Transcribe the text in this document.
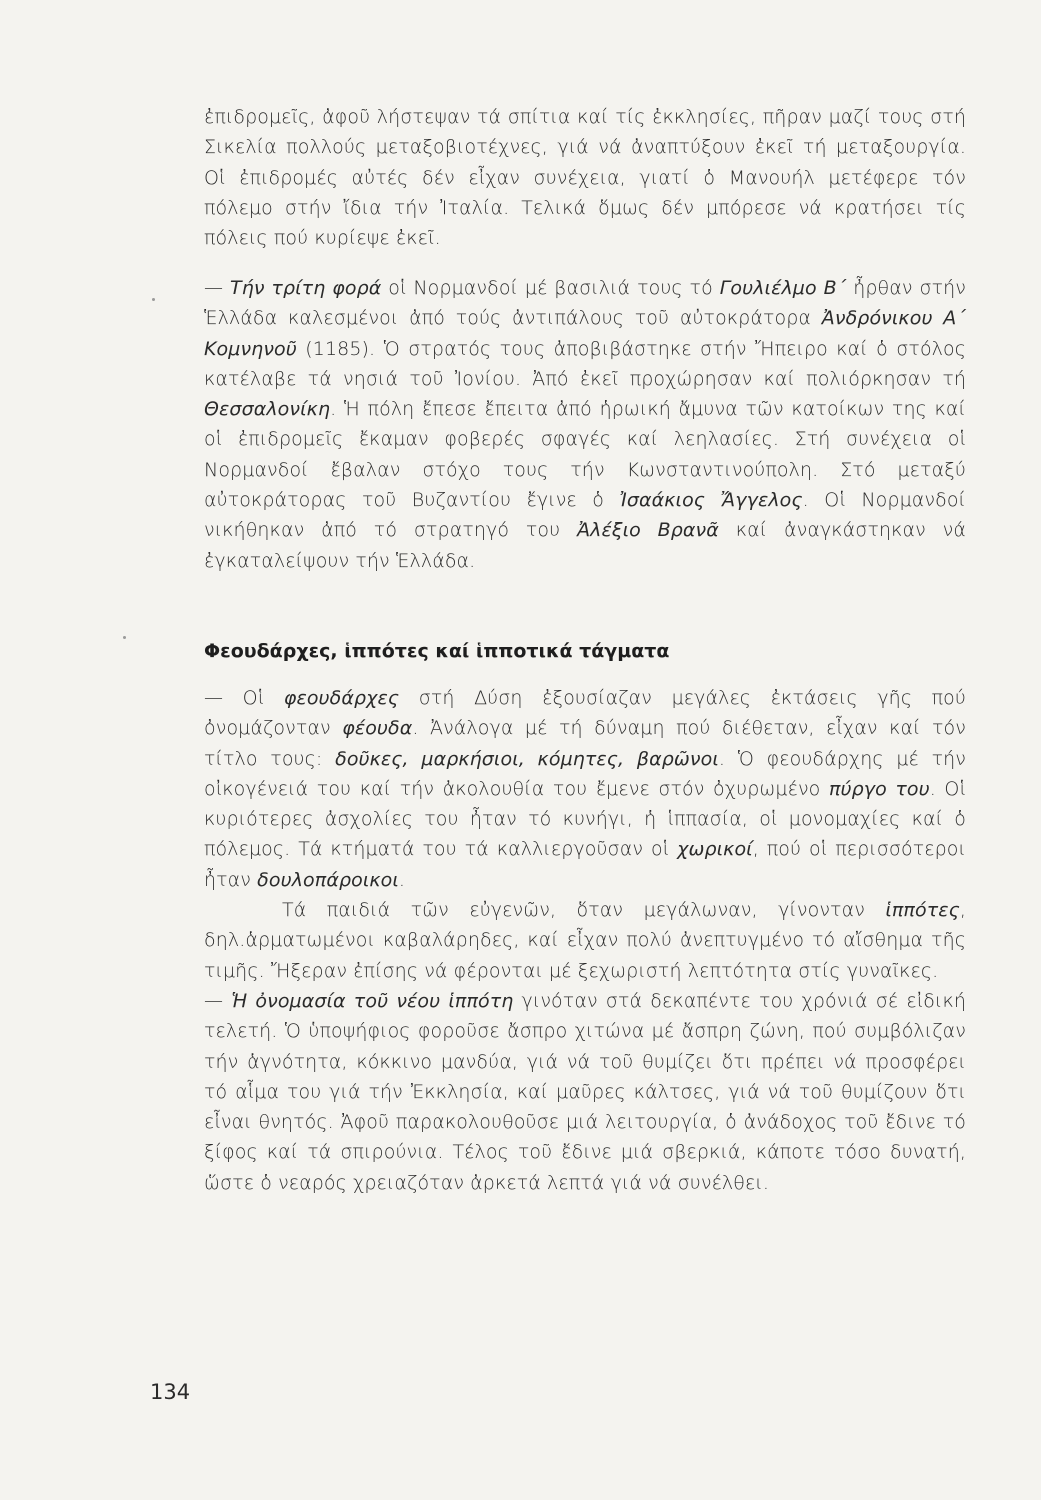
ἐπιδρομεῖς, ἀφοῦ λήστεψαν τά σπίτια καί τίς ἐκκλησίες, πῆραν μαζί τους στή Σικελία πολλούς μεταξοβιοτέχνες, γιά νά ἀναπτύξουν ἐκεῖ τή μεταξουργία. Οἱ ἐπιδρομές αὐτές δέν εἶχαν συνέχεια, γιατί ὁ Μανουήλ μετέφερε τόν πόλεμο στήν ἴδια τήν Ἰταλία. Τελικά ὅμως δέν μπόρεσε νά κρατήσει τίς πόλεις πού κυρίεψε ἐκεῖ.

— Τήν τρίτη φορά οἱ Νορμανδοί μέ βασιλιά τους τό Γουλιέλμο Β΄ ἦρθαν στήν Ἑλλάδα καλεσμένοι ἀπό τούς ἀντιπάλους τοῦ αὐτοκράτορα Ἀνδρόνικου Α΄ Κομνηνοῦ (1185). Ὁ στρατός τους ἀποβιβάστηκε στήν Ἤπειρο καί ὁ στόλος κατέλαβε τά νησιά τοῦ Ἰονίου. Ἀπό ἐκεῖ προχώρησαν καί πολιόρκησαν τή Θεσσαλονίκη. Ἡ πόλη ἔπεσε ἔπειτα ἀπό ἡρωική ἄμυνα τῶν κατοίκων της καί οἱ ἐπιδρομεῖς ἔκαμαν φοβερές σφαγές καί λεηλασίες. Στή συνέχεια οἱ Νορμανδοί ἔβαλαν στόχο τους τήν Κωνσταντινούπολη. Στό μεταξύ αὐτοκράτορας τοῦ Βυζαντίου ἔγινε ὁ Ἰσαάκιος Ἄγγελος. Οἱ Νορμανδοί νικήθηκαν ἀπό τό στρατηγό του Ἀλέξιο Βρανᾶ καί ἀναγκάστηκαν νά ἐγκαταλείψουν τήν Ἑλλάδα.

Φεουδάρχες, ἱππότες καί ἱπποτικά τάγματα

— Οἱ φεουδάρχες στή Δύση ἐξουσίαζαν μεγάλες ἐκτάσεις γῆς πού ὀνομάζονταν φέουδα. Ἀνάλογα μέ τή δύναμη πού διέθεταν, εἶχαν καί τόν τίτλο τους: δοῦκες, μαρκήσιοι, κόμητες, βαρῶνοι. Ὁ φεουδάρχης μέ τήν οἰκογένειά του καί τήν ἀκολουθία του ἔμενε στόν ὀχυρωμένο πύργο του. Οἱ κυριότερες ἀσχολίες του ἦταν τό κυνήγι, ἡ ἱππασία, οἱ μονομαχίες καί ὁ πόλεμος. Τά κτήματά του τά καλλιεργοῦσαν οἱ χωρικοί, πού οἱ περισσότεροι ἦταν δουλοπάροικοι.

Τά παιδιά τῶν εὐγενῶν, ὅταν μεγάλωναν, γίνονταν ἱππότες, δηλ.ἁρματωμένοι καβαλάρηδες, καί εἶχαν πολύ ἀνεπτυγμένο τό αἴσθημα τῆς τιμῆς. Ἤξεραν ἐπίσης νά φέρονται μέ ξεχωριστή λεπτότητα στίς γυναῖκες.

— Ἡ ὀνομασία τοῦ νέου ἱππότη γινόταν στά δεκαπέντε του χρόνιά σέ εἰδική τελετή. Ὁ ὑποψήφιος φοροῦσε ἄσπρο χιτώνα μέ ἄσπρη ζώνη, πού συμβόλιζαν τήν ἁγνότητα, κόκκινο μανδύα, γιά νά τοῦ θυμίζει ὅτι πρέπει νά προσφέρει τό αἷμα του γιά τήν Ἐκκλησία, καί μαῦρες κάλτσες, γιά νά τοῦ θυμίζουν ὅτι εἶναι θνητός. Ἀφοῦ παρακολουθοῦσε μιά λειτουργία, ὁ ἀνάδοχος τοῦ ἔδινε τό ξίφος καί τά σπιρούνια. Τέλος τοῦ ἔδινε μιά σβερκιά, κάποτε τόσο δυνατή, ὥστε ὁ νεαρός χρειαζόταν ἀρκετά λεπτά γιά νά συνέλθει.

134
